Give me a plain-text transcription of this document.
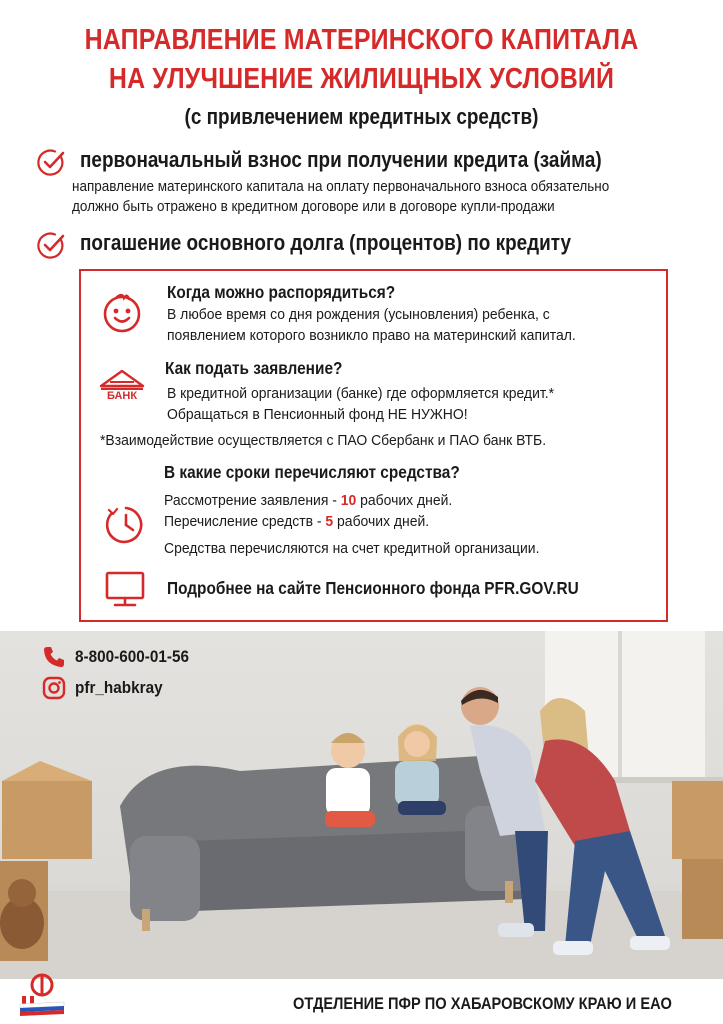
НАПРАВЛЕНИЕ МАТЕРИНСКОГО КАПИТАЛА
НА УЛУЧШЕНИЕ ЖИЛИЩНЫХ УСЛОВИЙ
(с привлечением кредитных средств)
первоначальный взнос при получении кредита (займа)
направление материнского капитала на оплату первоначального взноса обязательно
должно быть отражено в кредитном договоре или в договоре купли-продажи
погашение основного долга (процентов) по кредиту
Когда можно распорядиться?
В любое время со дня рождения (усыновления) ребенка, с
появлением которого возникло право на материнский капитал.
БАНК
Как подать заявление?
В кредитной организации (банке) где оформляется кредит.*
Обращаться в Пенсионный фонд НЕ НУЖНО!
*Взаимодействие осуществляется с ПАО Сбербанк и ПАО банк ВТБ.
В какие сроки перечисляют средства?
Рассмотрение заявления - 10 рабочих дней.
Перечисление средств - 5 рабочих дней.
Средства перечисляются на счет кредитной организации.
Подробнее на сайте Пенсионного фонда PFR.GOV.RU
8-800-600-01-56
pfr_habkray
ОТДЕЛЕНИЕ ПФР ПО ХАБАРОВСКОМУ КРАЮ И ЕАО
